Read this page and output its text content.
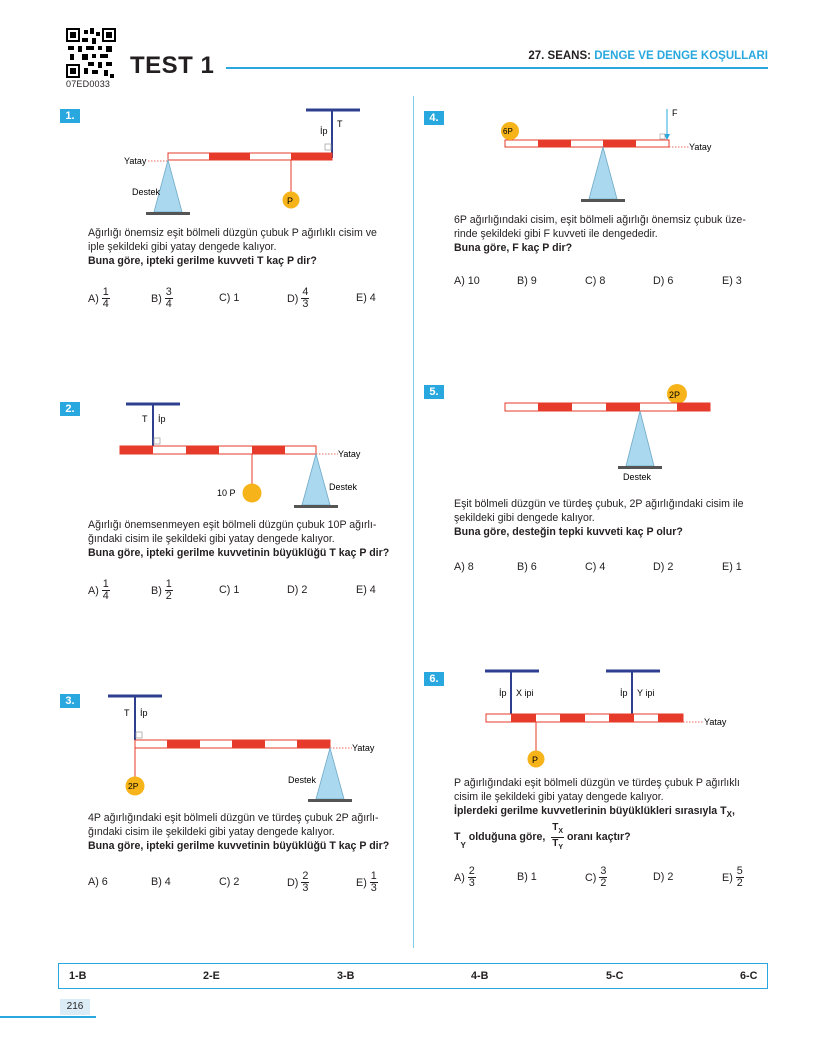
07ED0033
TEST 1	27. SEANS: DENGE VE DENGE KOŞULLARI
1.
İp
T
Yatay
Destek
P
Ağırlığı önemsiz eşit bölmeli düzgün çubuk P ağırlıklı cisim ve
iple şekildeki gibi yatay dengede kalıyor.
Buna göre, ipteki gerilme kuvveti T kaç P dir?
$A) \frac{1}{4}$	$B) \frac{3}{4}$	C)
1	$D) \frac{4}{3}$	E)
4
2.
T İp
Yatay
Destek
10 P
Ağırlığı önemsenmeyen eşit bölmeli düzgün çubuk 10P ağırlı-
ğındaki cisim ile şekildeki gibi yatay dengede kalıyor.
Buna göre, ipteki gerilme kuvvetinin büyüklüğü T kaç P dir?
$A) \frac{1}{4}$	$B) \frac{1}{2}$	C)
1	D)
2	E)
4
3.
T İp
Yatay
Destek
2P
4P ağırlığındaki eşit bölmeli düzgün ve türdeş çubuk 2P ağırlı-
ğındaki cisim ile şekildeki gibi yatay dengede kalıyor.
Buna göre, ipteki gerilme kuvvetinin büyüklüğü T kaç P dir?
A)
6	B)
4	C)
2	$D) \frac{2}{3}$	$E) \frac{1}{3}$
4.	F
Yatay
6P
6P ağırlığındaki cisim, eşit bölmeli ağırlığı önemsiz çubuk üze-
rinde şekildeki gibi F kuvveti ile dengededir.
Buna göre, F kaç P dir?
A)
10	B)
9	C)
8	D)
6	E)
3
5.	2P
Destek
Eşit bölmeli düzgün ve türdeş çubuk, 2P ağırlığındaki cisim ile
şekildeki gibi dengede kalıyor.
Buna göre, desteğin tepki kuvveti kaç P olur?
A)
8	B)
6	C)
4	D)
2	E)
1
6.
İp X ipi	İp Y ipi
Yatay
P
P ağırlığındaki eşit bölmeli düzgün ve türdeş çubuk P ağırlıklı
cisim ile şekildeki gibi yatay dengede kalıyor.
İplerdeki gerilme kuvvetlerinin büyüklükleri sırasıyla $T_X$,
T
$_Y$
olduğuna göre, $\frac{T_X}{T_Y}$ oranı kaçtır?
$A) \frac{2}{3}$	B)
1	$C) \frac{3}{2}$	D)
2	$E) \frac{5}{2}$
1-B	2-E	3-B	4-B	5-C	6-C
216
